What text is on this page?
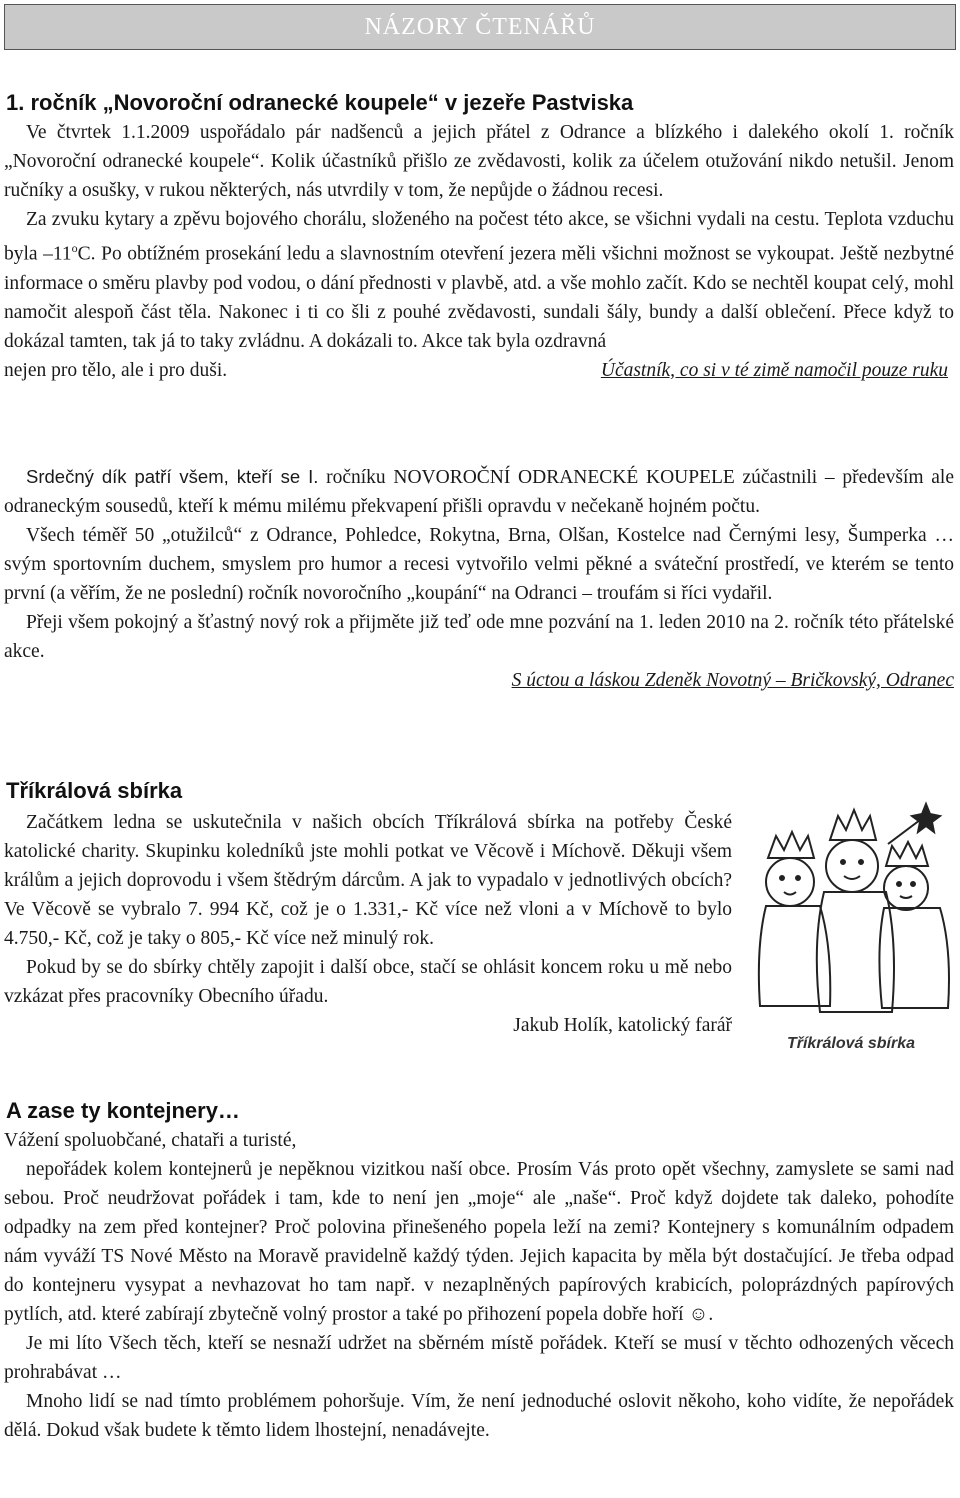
NÁZORY ČTENÁŘŮ
1. ročník „Novoroční odranecké koupele“ v jezeře Pastviska

Ve čtvrtek 1.1.2009 uspořádalo pár nadšenců a jejich přátel z Odrance a blízkého i dalekého okolí 1. ročník „Novoroční odranecké koupele“. Kolik účastníků přišlo ze zvědavosti, kolik za účelem otužování nikdo netušil. Jenom ručníky a osušky, v rukou některých, nás utvrdily v tom, že nepůjde o žádnou recesi.

Za zvuku kytary a zpěvu bojového chorálu, složeného na počest této akce, se všichni vydali na cestu. Teplota vzduchu byla –11$^o$C. Po obtížném prosekání ledu a slavnostním otevření jezera měli všichni možnost se vykoupat. Ještě nezbytné informace o směru plavby pod vodou, o dání přednosti v plavbě, atd. a vše mohlo začít. Kdo se nechtěl koupat celý, mohl namočit alespoň část těla. Nakonec i ti co šli z pouhé zvědavosti, sundali šály, bundy a další oblečení. Přece když to dokázal tamten, tak já to taky zvládnu. A dokázali to. Akce tak byla ozdravná

nejen pro tělo, ale i pro duši.	Účastník, co si v té zimě namočil pouze ruku

Srdečný dík patří všem, kteří se I. ročníku NOVOROČNÍ ODRANECKÉ KOUPELE zúčastnili – především ale odraneckým sousedů, kteří k mému milému překvapení přišli opravdu v nečekaně hojném počtu.

Všech téměř 50 „otužilců“ z Odrance, Pohledce, Rokytna, Brna, Olšan, Kostelce nad Černými lesy, Šumperka … svým sportovním duchem, smyslem pro humor a recesi vytvořilo velmi pěkné a sváteční prostředí, ve kterém se tento první (a věřím, že ne poslední) ročník novoročního „koupání“ na Odranci – troufám si říci vydařil.

Přeji všem pokojný a šťastný nový rok a přijměte již teď ode mne pozvání na 1. leden 2010 na 2. ročník této přátelské akce.

S úctou a láskou Zdeněk Novotný – Bričkovský, Odranec

Tříkrálová sbírka

Začátkem ledna se uskutečnila v našich obcích Tříkrálová sbírka na potřeby České katolické charity. Skupinku koledníků jste mohli potkat ve Věcově i Míchově. Děkuji všem králům a jejich doprovodu i všem štědrým dárcům. A jak to vypadalo v jednotlivých obcích? Ve Věcově se vybralo 7. 994 Kč, což je o 1.331,- Kč více než vloni a v Míchově to bylo 4.750,- Kč, což je taky o 805,- Kč více než minulý rok.

Pokud by se do sbírky chtěly zapojit i další obce, stačí se ohlásit koncem roku u mě nebo vzkázat přes pracovníky Obecního úřadu.

Jakub Holík, katolický farář

Tříkrálová sbírka
A zase ty kontejnery…

Vážení spoluobčané, chataři a turisté,

nepořádek kolem kontejnerů je nepěknou vizitkou naší obce. Prosím Vás proto opět všechny, zamyslete se sami nad sebou. Proč neudržovat pořádek i tam, kde to není jen „moje“ ale „naše“. Proč když dojdete tak daleko, pohodíte odpadky na zem před kontejner? Proč polovina přinešeného popela leží na zemi? Kontejnery s komunálním odpadem nám vyváží TS Nové Město na Moravě pravidelně každý týden. Jejich kapacita by měla být dostačující. Je třeba odpad do kontejneru vysypat a nevhazovat ho tam např. v nezaplněných papírových krabicích, poloprázdných papírových pytlích, atd. které zabírají zbytečně volný prostor a také po přihození popela dobře hoří ☺.

Je mi líto Všech těch, kteří se nesnaží udržet na sběrném místě pořádek. Kteří se musí v těchto odhozených věcech prohrabávat …

Mnoho lidí se nad tímto problémem pohoršuje. Vím, že není jednoduché oslovit někoho, koho vidíte, že nepořádek dělá. Dokud však budete k těmto lidem lhostejní, nenadávejte.
